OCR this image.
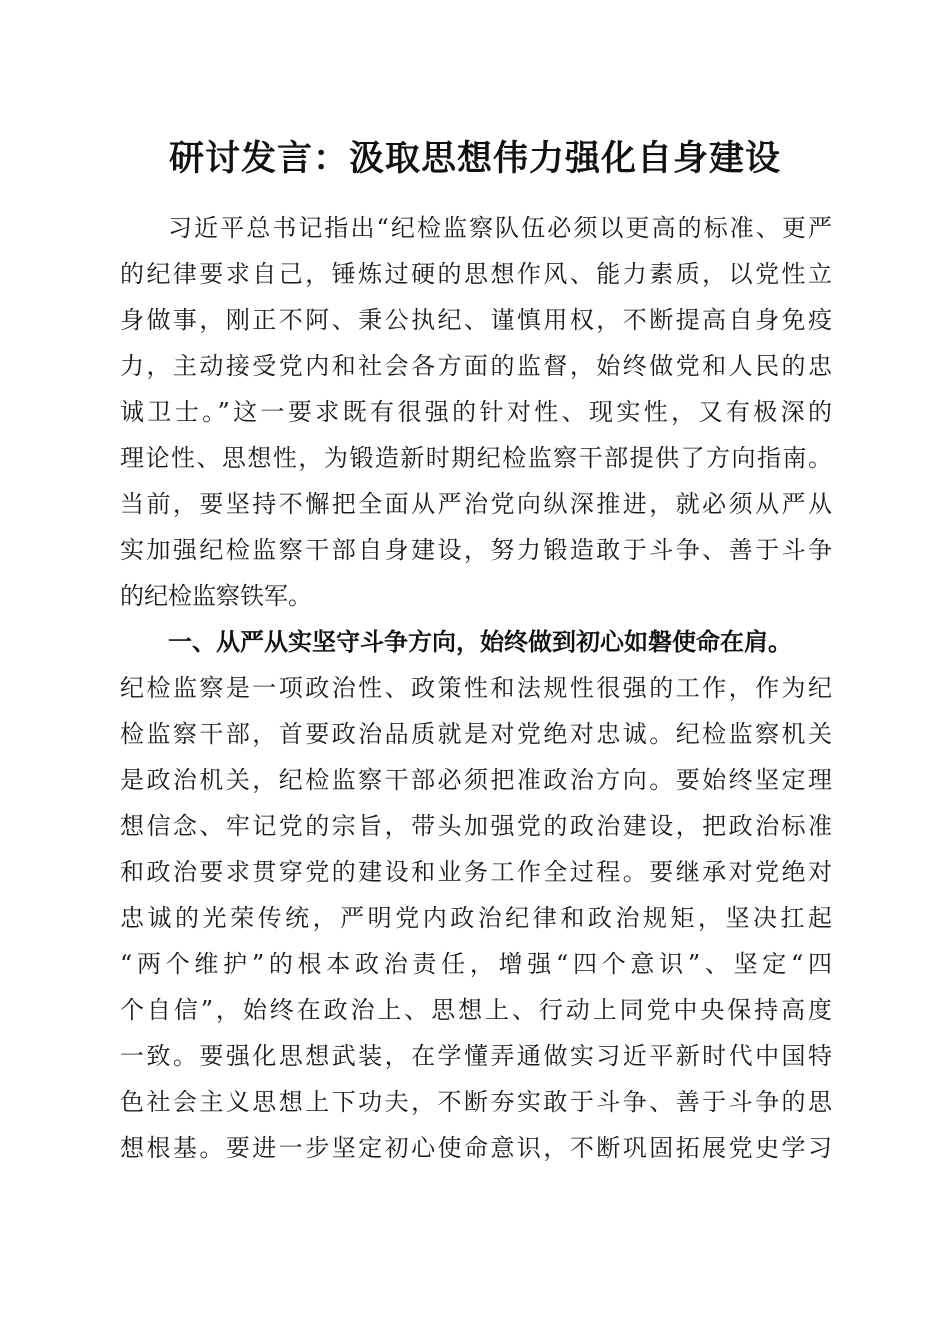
研讨发言：汲取思想伟力强化自身建设
习近平总书记指出“纪检监察队伍必须以更高的标准、更严
的纪律要求自己，锤炼过硬的思想作风、能力素质，以党性立
身做事，刚正不阿、秉公执纪、谨慎用权，不断提高自身免疫
力，主动接受党内和社会各方面的监督，始终做党和人民的忠
诚卫士。”这一要求既有很强的针对性、现实性，又有极深的
理论性、思想性，为锻造新时期纪检监察干部提供了方向指南。
当前，要坚持不懈把全面从严治党向纵深推进，就必须从严从
实加强纪检监察干部自身建设，努力锻造敢于斗争、善于斗争
的纪检监察铁军。
一、从严从实坚守斗争方向，始终做到初心如磐使命在肩。
纪检监察是一项政治性、政策性和法规性很强的工作，作为纪
检监察干部，首要政治品质就是对党绝对忠诚。纪检监察机关
是政治机关，纪检监察干部必须把准政治方向。要始终坚定理
想信念、牢记党的宗旨，带头加强党的政治建设，把政治标准
和政治要求贯穿党的建设和业务工作全过程。要继承对党绝对
忠诚的光荣传统，严明党内政治纪律和政治规矩，坚决扛起
“两个维护”的根本政治责任，增强“四个意识”、坚定“四
个自信”，始终在政治上、思想上、行动上同党中央保持高度
一致。要强化思想武装，在学懂弄通做实习近平新时代中国特
色社会主义思想上下功夫，不断夯实敢于斗争、善于斗争的思
想根基。要进一步坚定初心使命意识，不断巩固拓展党史学习
